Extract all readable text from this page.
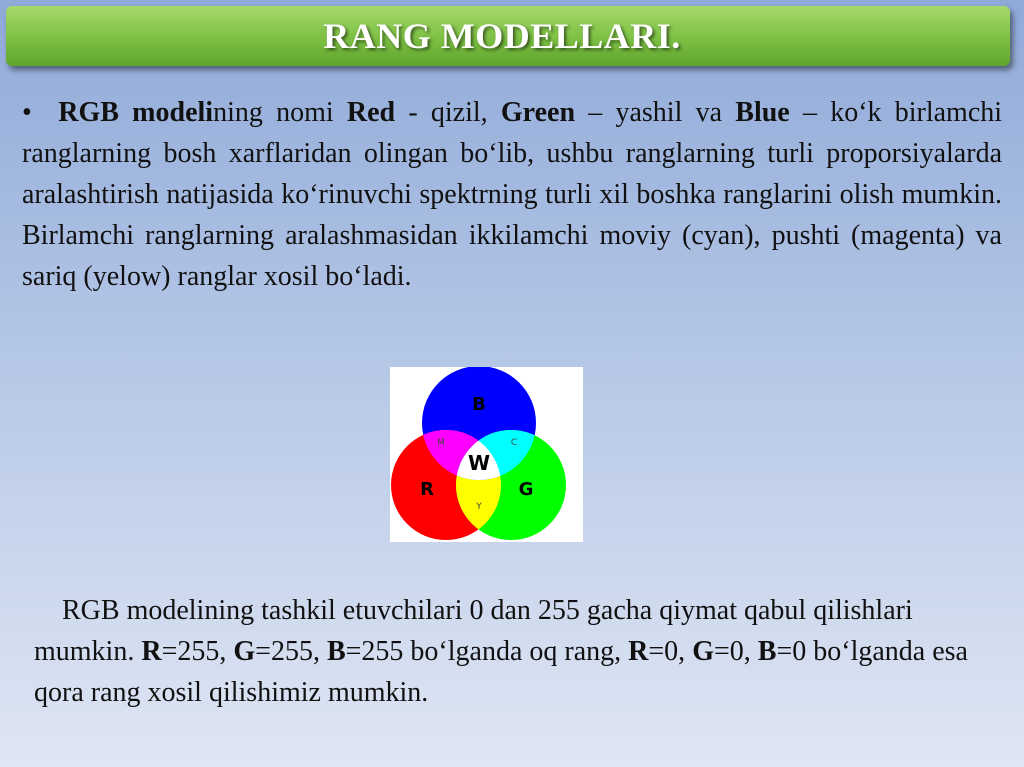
RANG MODELLARI.

• RGB modelining nomi Red - qizil, Green – yashil va Blue – ko‘k birlamchi ranglarning bosh xarflaridan olingan bo‘lib, ushbu ranglarning turli proporsiyalarda aralashtirish natijasida ko‘rinuvchi spektrning turli xil boshka ranglarini olish mumkin. Birlamchi ranglarning aralashmasidan ikkilamchi moviy (cyan), pushti (magenta) va sariq (yelow) ranglar xosil bo‘ladi.

B
R	G
W
M	C
Y

RGB modelining tashkil etuvchilari 0 dan 255 gacha qiymat qabul qilishlari mumkin. R=255, G=255, B=255 bo‘lganda oq rang, R=0, G=0, B=0 bo‘lganda esa qora rang xosil qilishimiz mumkin.
